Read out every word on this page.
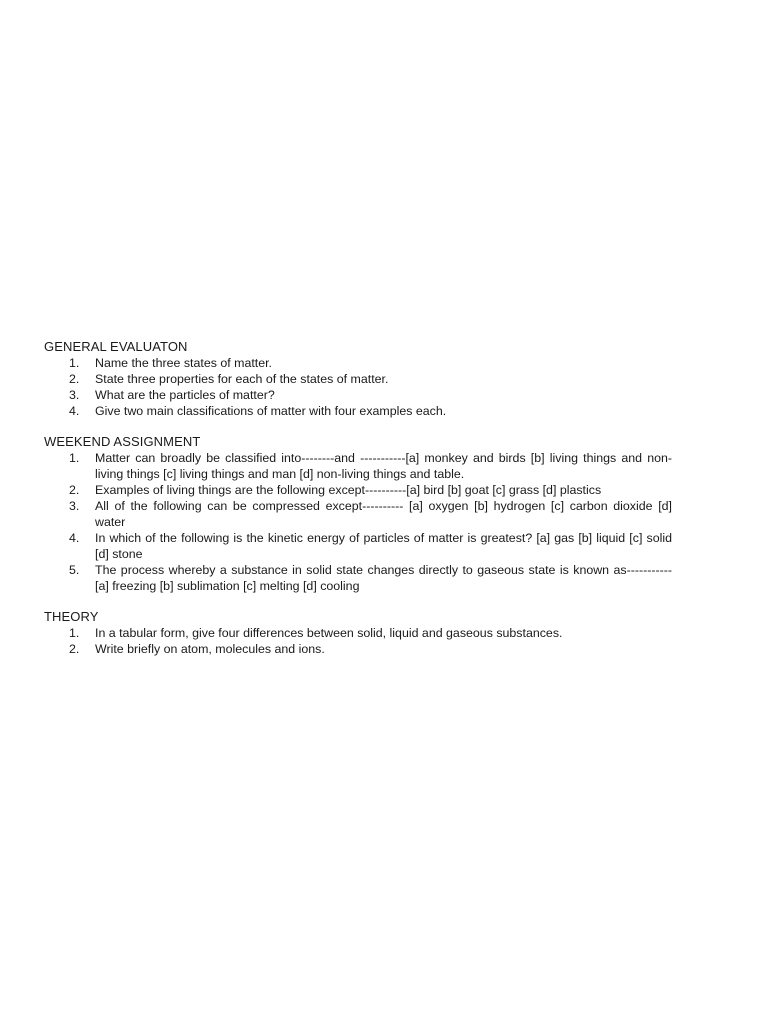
GENERAL EVALUATON
1. Name the three states of matter.
2. State three properties for each of the states of matter.
3. What are the particles of matter?
4. Give two main classifications of matter with four examples each.
WEEKEND ASSIGNMENT
1. Matter can broadly be classified into--------and -----------[a] monkey and birds [b] living things and non-living things [c] living things and man [d] non-living things and table.
2. Examples of living things are the following except----------[a] bird [b] goat [c] grass [d] plastics
3. All of the following can be compressed except---------- [a] oxygen [b] hydrogen [c] carbon dioxide [d] water
4. In which of the following is the kinetic energy of particles of matter is greatest? [a] gas [b] liquid [c] solid [d] stone
5. The process whereby a substance in solid state changes directly to gaseous state is known as----------- [a] freezing [b] sublimation [c] melting [d] cooling
THEORY
1. In a tabular form, give four differences between solid, liquid and gaseous substances.
2. Write briefly on atom, molecules and ions.
